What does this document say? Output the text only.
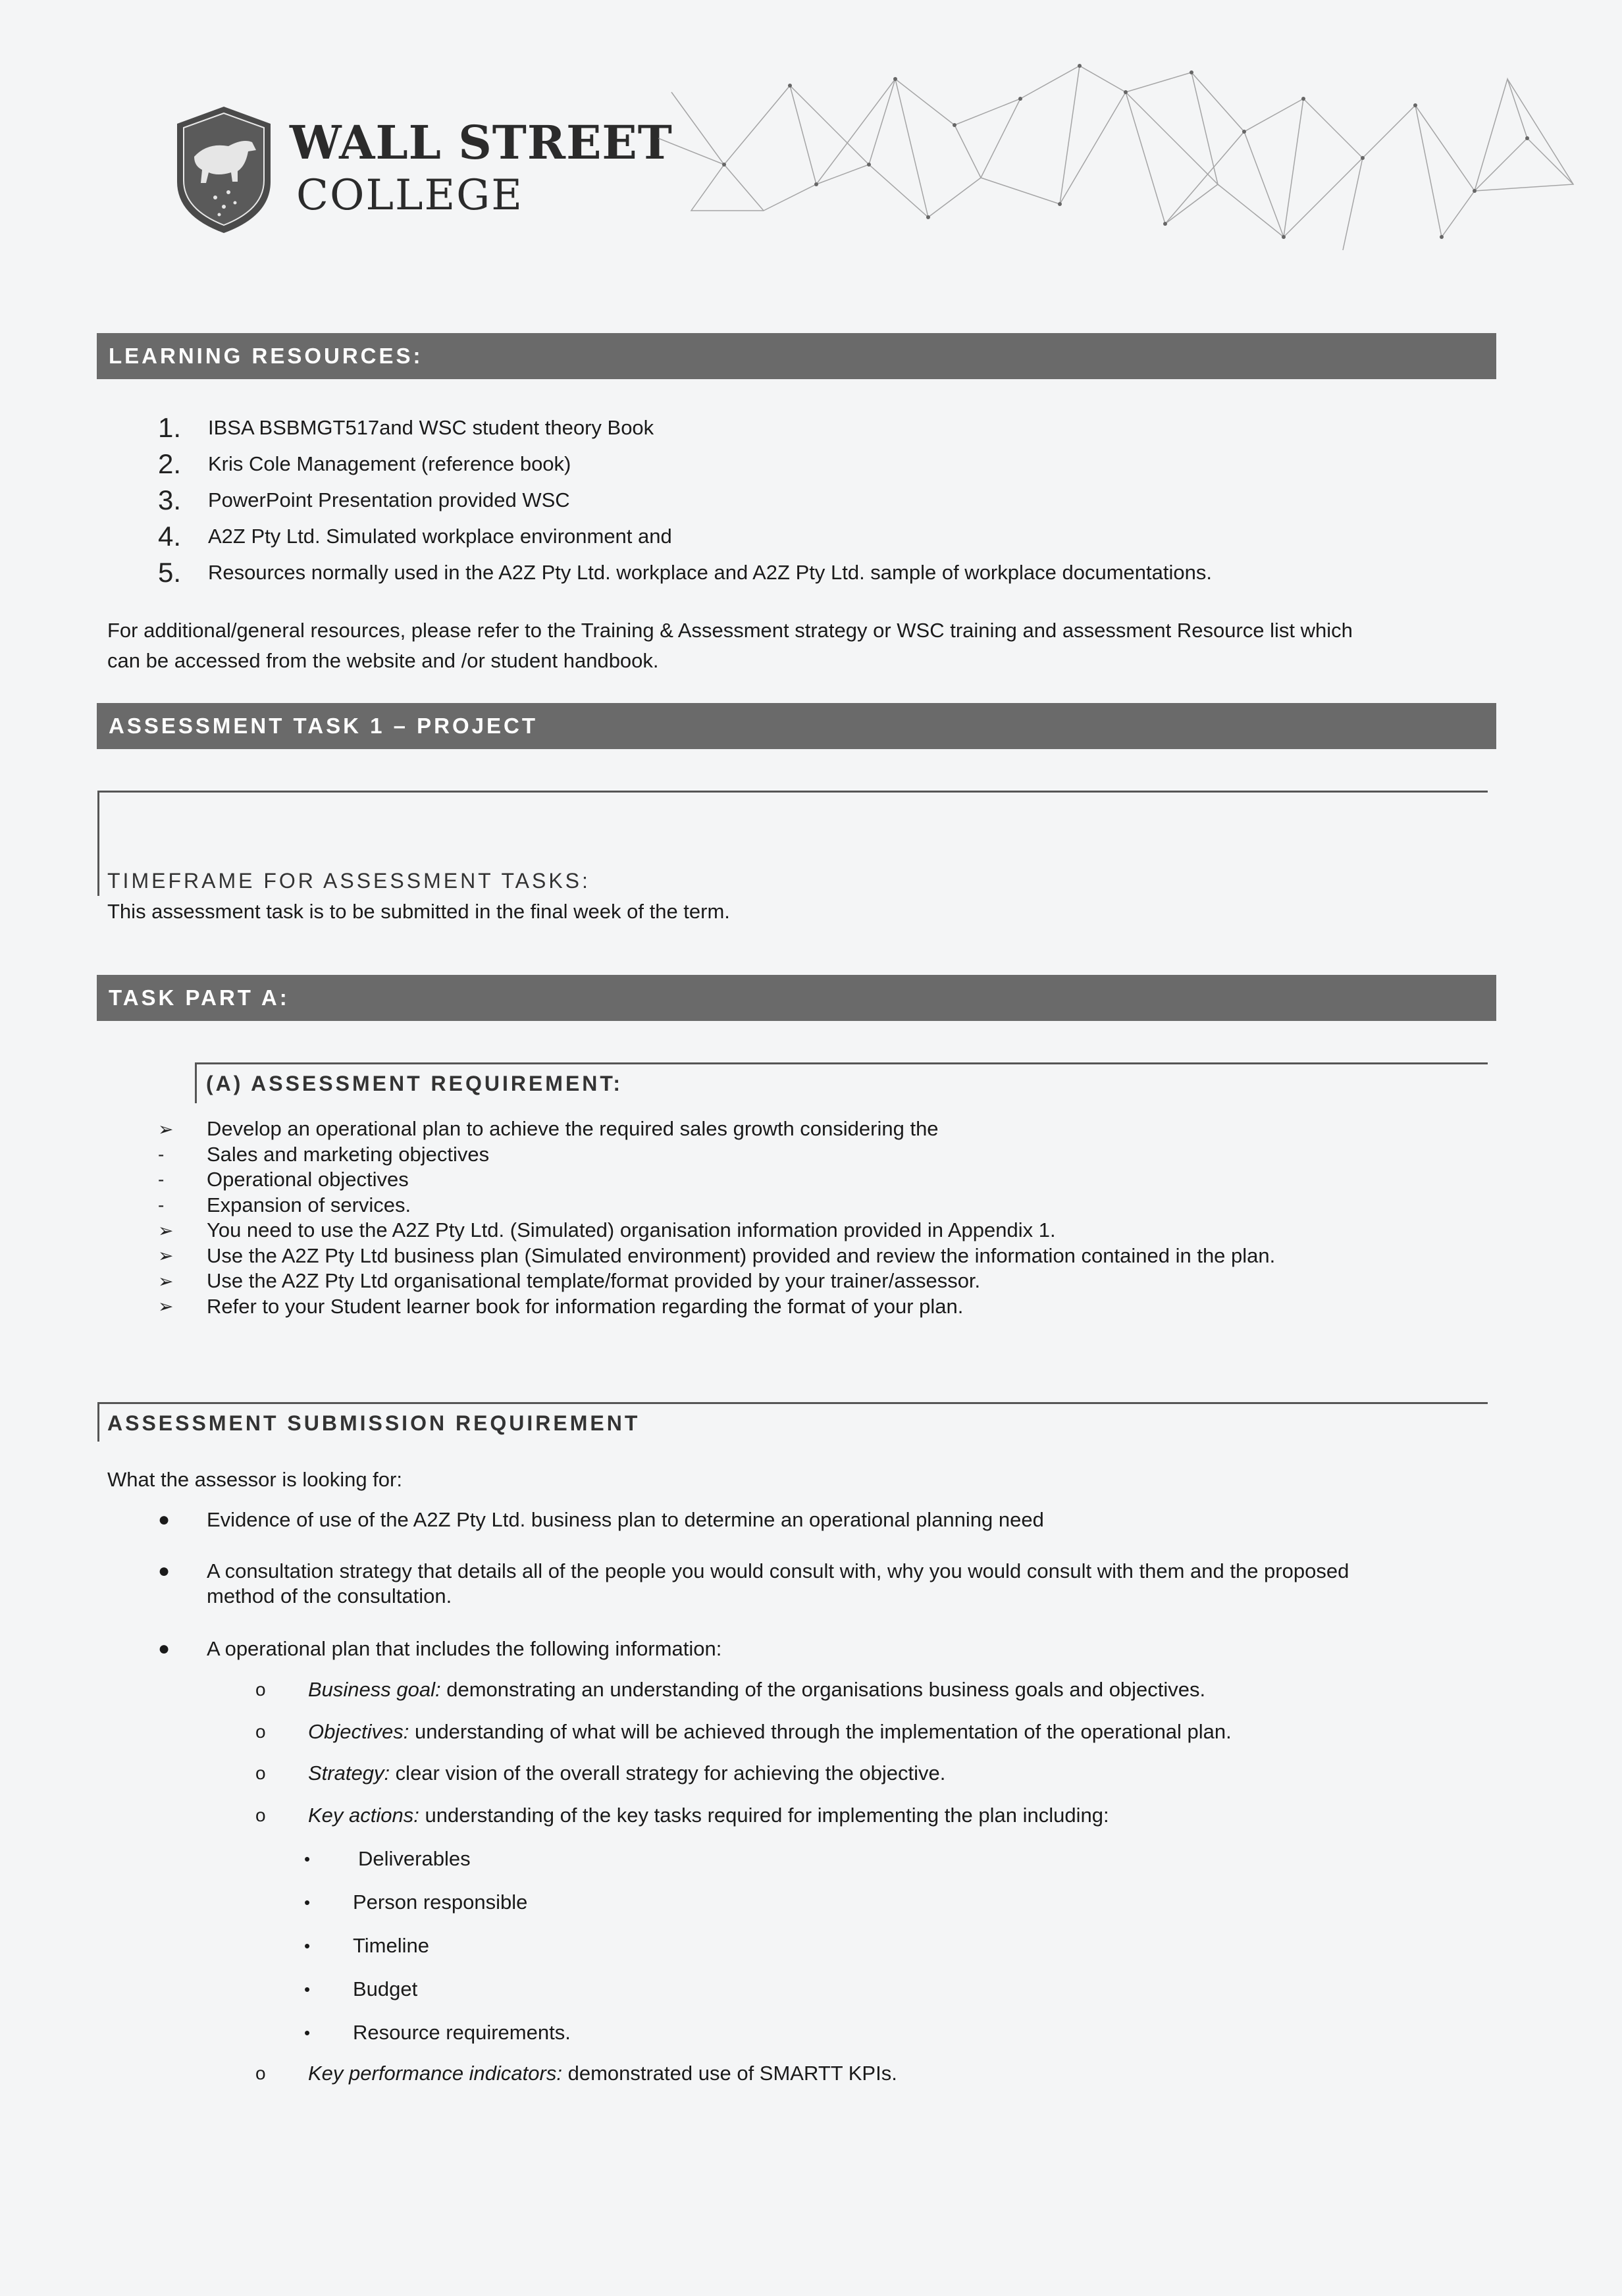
WALL STREET
COLLEGE
LEARNING RESOURCES:
1.	IBSA BSBMGT517and WSC student theory Book
2.	Kris Cole Management (reference book)
3.	PowerPoint Presentation provided WSC
4.	A2Z Pty Ltd. Simulated workplace environment and
5.	Resources normally used in the A2Z Pty Ltd. workplace and A2Z Pty Ltd. sample of workplace documentations.
For additional/general resources, please refer to the Training & Assessment strategy or WSC training and assessment Resource list which
can be accessed from the website and /or student handbook.
ASSESSMENT TASK 1 – PROJECT
TIMEFRAME FOR ASSESSMENT TASKS:
This assessment task is to be submitted in the final week of the term.
TASK PART A:
(A) ASSESSMENT REQUIREMENT:
➢	Develop an operational plan to achieve the required sales growth considering the
-	Sales and marketing objectives
-	Operational objectives
-	Expansion of services.
➢	You need to use the A2Z Pty Ltd. (Simulated) organisation information provided in Appendix 1.
➢	Use the A2Z Pty Ltd business plan (Simulated environment) provided and review the information contained in the plan.
➢	Use the A2Z Pty Ltd organisational template/format provided by your trainer/assessor.
➢	Refer to your Student learner book for information regarding the format of your plan.
ASSESSMENT SUBMISSION REQUIREMENT
What the assessor is looking for:
●	Evidence of use of the A2Z Pty Ltd. business plan to determine an operational planning need
●	A consultation strategy that details all of the people you would consult with, why you would consult with them and the proposed
method of the consultation.
●	A operational plan that includes the following information:
o	Business goal: demonstrating an understanding of the organisations business goals and objectives.
o	Objectives: understanding of what will be achieved through the implementation of the operational plan.
o	Strategy: clear vision of the overall strategy for achieving the objective.
o	Key actions: understanding of the key tasks required for implementing the plan including:
•	Deliverables
•	Person responsible
•	Timeline
•	Budget
•	Resource requirements.
o	Key performance indicators: demonstrated use of SMARTT KPIs.
